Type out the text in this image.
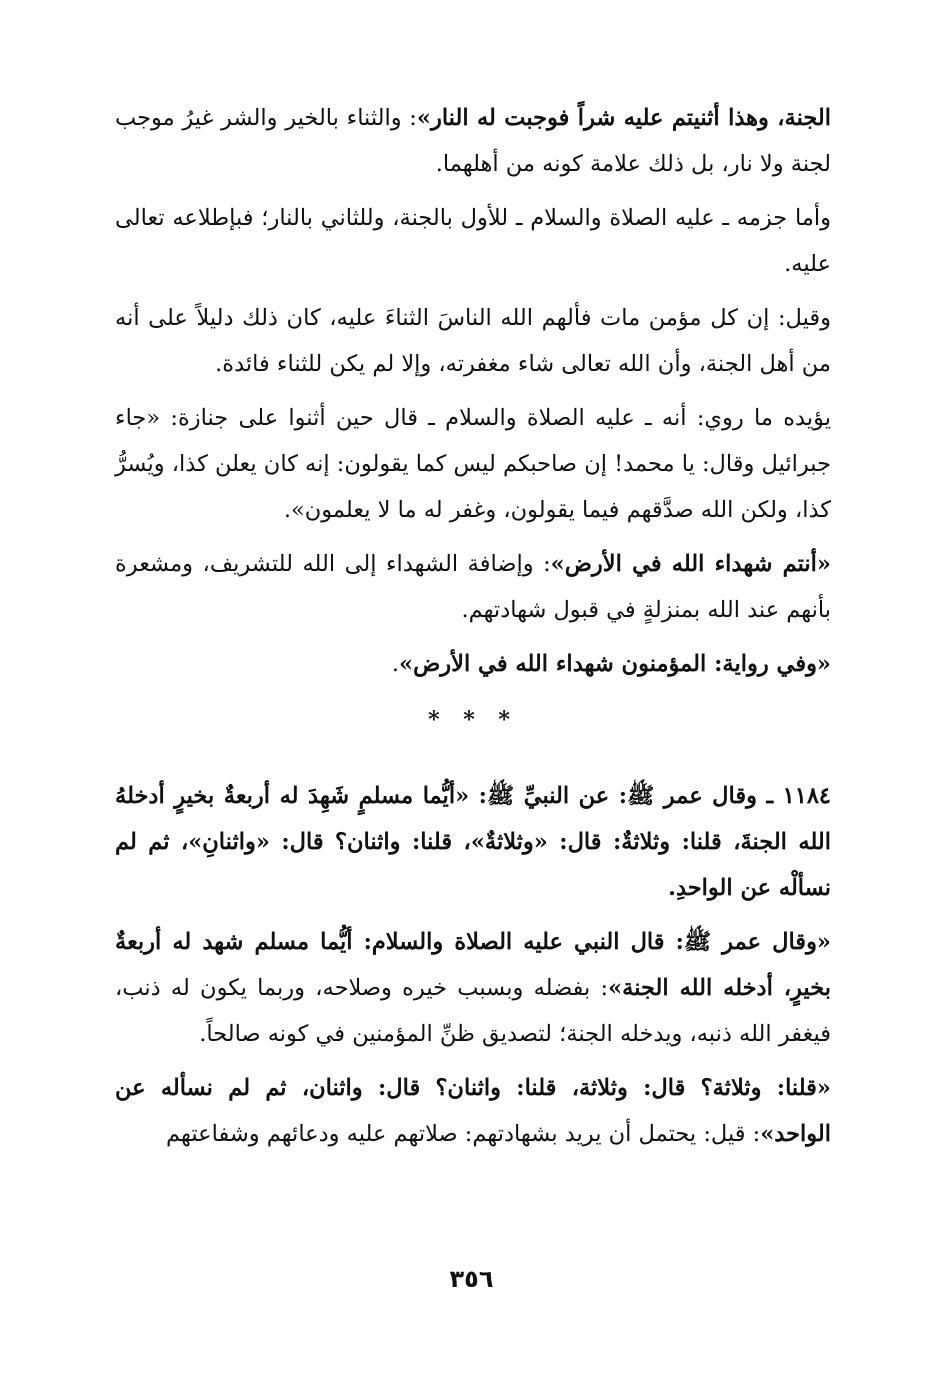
الجنة، وهذا أثنيتم عليه شراً فوجبت له النار»: والثناء بالخير والشر غيرُ موجب لجنة ولا نار، بل ذلك علامة كونه من أهلهما.

وأما جزمه ـ عليه الصلاة والسلام ـ للأول بالجنة، وللثاني بالنار؛ فبإطلاعه تعالى عليه.

وقيل: إن كل مؤمن مات فألهم الله الناسَ الثناءَ عليه، كان ذلك دليلاً على أنه من أهل الجنة، وأن الله تعالى شاء مغفرته، وإلا لم يكن للثناء فائدة.

يؤيده ما روي: أنه ـ عليه الصلاة والسلام ـ قال حين أثنوا على جنازة: «جاء جبرائيل وقال: يا محمد! إن صاحبكم ليس كما يقولون: إنه كان يعلن كذا، ويُسرُّ كذا، ولكن الله صدَّقهم فيما يقولون، وغفر له ما لا يعلمون».

«أنتم شهداء الله في الأرض»: وإضافة الشهداء إلى الله للتشريف، ومشعرة بأنهم عند الله بمنزلةٍ في قبول شهادتهم.

«وفي رواية: المؤمنون شهداء الله في الأرض».

* * *

١١٨٤ ـ وقال عمر ﷺ: عن النبيِّ ﷺ: «أيُّما مسلمٍ شَهِدَ له أربعةٌ بخيرٍ أدخلهُ الله الجنةَ، قلنا: وثلاثةٌ: قال: «وثلاثةٌ»، قلنا: واثنان؟ قال: «واثنانِ»، ثم لم نسألْه عن الواحدِ.

«وقال عمر ﷺ: قال النبي عليه الصلاة والسلام: أيُّما مسلم شهد له أربعةٌ بخيرٍ، أدخله الله الجنة»: بفضله وبسبب خيره وصلاحه، وربما يكون له ذنب، فيغفر الله ذنبه، ويدخله الجنة؛ لتصديق ظنِّ المؤمنين في كونه صالحاً.

«قلنا: وثلاثة؟ قال: وثلاثة، قلنا: واثنان؟ قال: واثنان، ثم لم نسأله عن الواحد»: قيل: يحتمل أن يريد بشهادتهم: صلاتهم عليه ودعائهم وشفاعتهم

٣٥٦
